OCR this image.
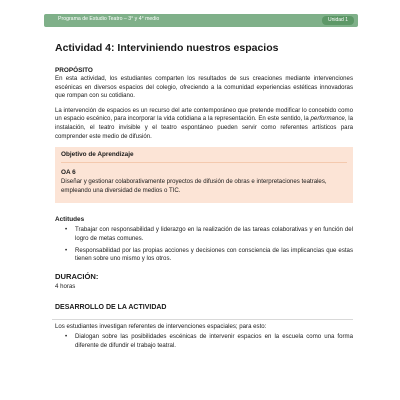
Programa de Estudio Teatro – 3° y 4° medio	Unidad 1
Actividad 4: Interviniendo nuestros espacios

PROPÓSITO

En esta actividad, los estudiantes comparten los resultados de sus creaciones mediante intervenciones escénicas en diversos espacios del colegio, ofreciendo a la comunidad experiencias estéticas innovadoras que rompan con su cotidiano.

La intervención de espacios es un recurso del arte contemporáneo que pretende modificar lo concebido como un espacio escénico, para incorporar la vida cotidiana a la representación. En este sentido, la performance, la instalación, el teatro invisible y el teatro espontáneo pueden servir como referentes artísticos para comprender este medio de difusión.

Objetivo de Aprendizaje

OA 6

Diseñar y gestionar colaborativamente proyectos de difusión de obras e interpretaciones teatrales, empleando una diversidad de medios o TIC.

Actitudes

• Trabajar con responsabilidad y liderazgo en la realización de las tareas colaborativas y en función del logro de metas comunes.
• Responsabilidad por las propias acciones y decisiones con consciencia de las implicancias que estas tienen sobre uno mismo y los otros.

DURACIÓN:

4 horas

DESARROLLO DE LA ACTIVIDAD

Los estudiantes investigan referentes de intervenciones espaciales; para esto:

• Dialogan sobre las posibilidades escénicas de intervenir espacios en la escuela como una forma diferente de difundir el trabajo teatral.
